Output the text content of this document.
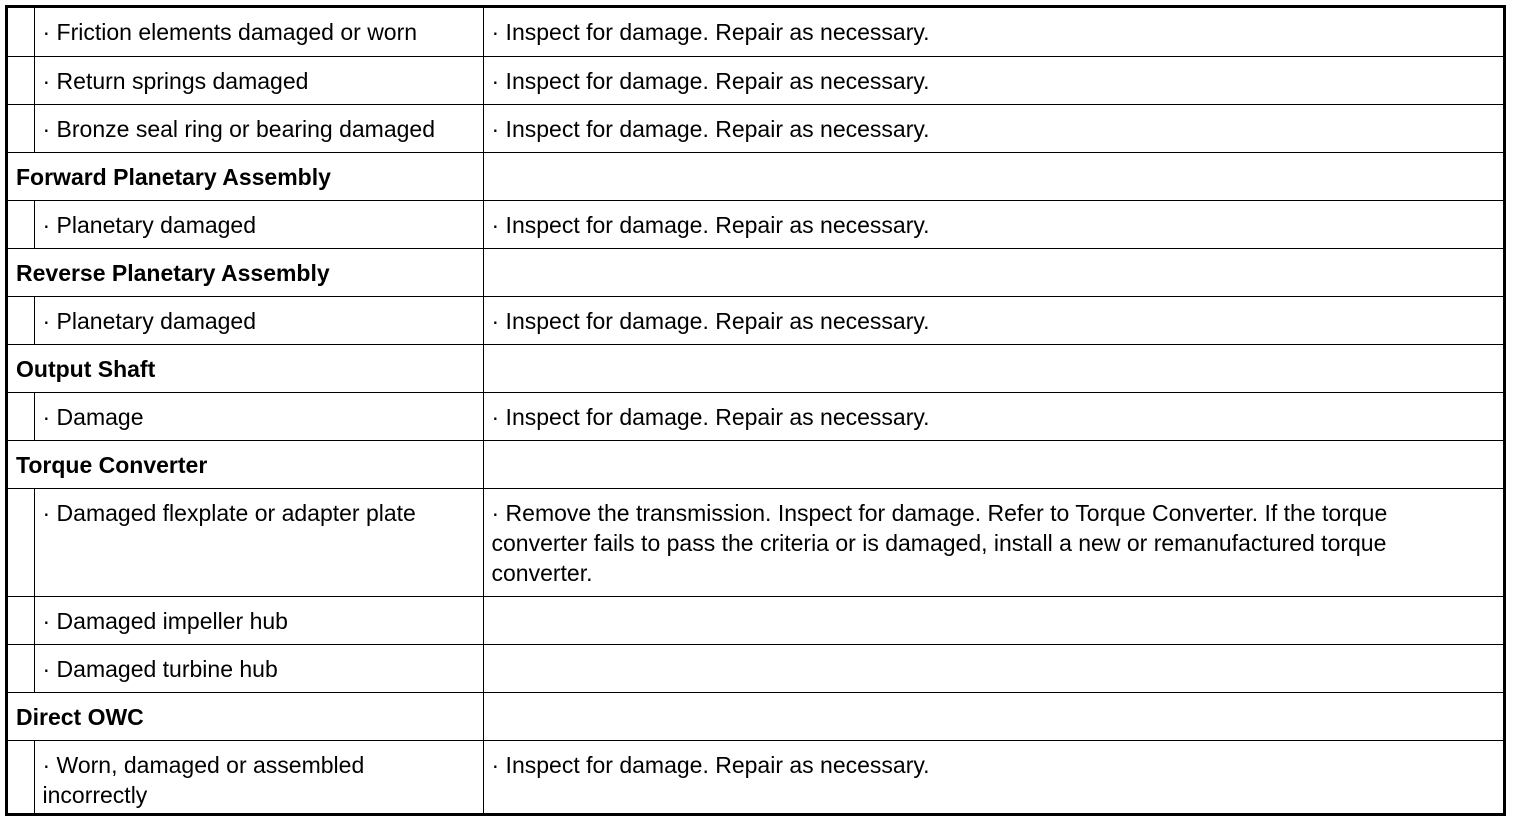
	· Friction elements damaged or worn	· Inspect for damage. Repair as necessary.
	· Return springs damaged	· Inspect for damage. Repair as necessary.
	· Bronze seal ring or bearing damaged	· Inspect for damage. Repair as necessary.
Forward Planetary Assembly		
	· Planetary damaged	· Inspect for damage. Repair as necessary.
Reverse Planetary Assembly		
	· Planetary damaged	· Inspect for damage. Repair as necessary.
Output Shaft		
	· Damage	· Inspect for damage. Repair as necessary.
Torque Converter		
	· Damaged flexplate or adapter plate	· Remove the transmission. Inspect for damage. Refer to Torque Converter. If the torque converter fails to pass the criteria or is damaged, install a new or remanufactured torque converter.
	· Damaged impeller hub	
	· Damaged turbine hub	
Direct OWC		
	· Worn, damaged or assembled incorrectly	· Inspect for damage. Repair as necessary.
